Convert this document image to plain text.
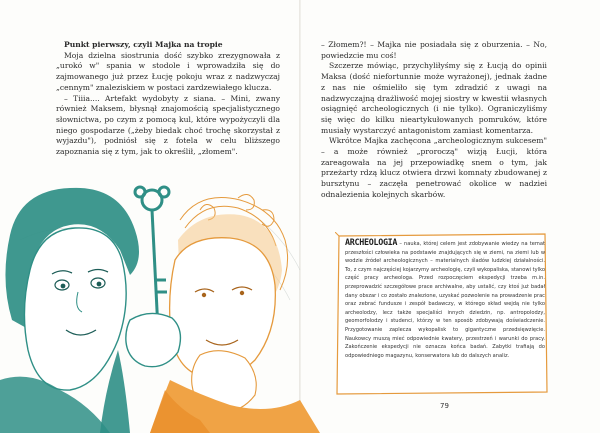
Punkt pierwszy, czyli Majka na tropie

Moja dzielna siostrunia dość szybko zrezygnowała z „urokó w" spania w stodole i wprowadziła się do zajmowanego już przez Łucję pokoju wraz z nadzwyczaj „cennym" znaleziskiem w postaci zardzewiałego klucza.

– Tiiia.... Artefakt wydobyty z siana. – Mini, zwany również Maksem, błysnął znajomością specjalistycznego słownictwa, po czym z pomocą kul, które wypożyczyli dla niego gospodarze („żeby biedak choć trochę skorzystał z wyjazdu"), podniósł się z fotela w celu bliższego zapoznania się z tym, jak to określił, „złomem".

– Złomem?! – Majka nie posiadała się z oburzenia. – No, powiedzcie mu coś!

Szczerze mówiąc, przychyliłyśmy się z Łucją do opinii Maksa (dość niefortunnie może wyrażonej), jednak żadne z nas nie ośmieliło się tym zdradzić z uwagi na nadzwyczajną drażliwość mojej siostry w kwestii własnych osiągnięć archeologicznych (i nie tylko). Ograniczyliśmy się więc do kilku nieartykułowanych pomruków, które musiały wystarczyć antagonistom zamiast komentarza.

Wkrótce Majka zachęcona „archeologicznym sukcesem" – a może również „proroczą" wizją Łucji, która zareagowała na jej przepowiadkę snem o tym, jak przeżarty rdzą klucz otwiera drzwi komnaty zbudowanej z bursztynu – zaczęła penetrować okolice w nadziei odnalezienia kolejnych skarbów.

ARCHEOLOGIA – nauka, której celem jest zdobywanie wiedzy na temat przeszłości człowieka na podstawie znajdujących się w ziemi, na ziemi lub w wodzie źródeł archeologicznych – materialnych śladów ludzkiej działalności. To, z czym najczęściej kojarzymy archeologię, czyli wykopaliska, stanowi tylko część pracy archeologa. Przed rozpoczęciem ekspedycji trzeba m.in. przeprowadzić szczegółowe prace archiwalne, aby ustalić, czy ktoś już badał dany obszar i co zostało znalezione, uzyskać pozwolenie na prowadzenie prac oraz zebrać fundusze i zespół badawczy, w którego skład wejdą nie tylko archeolodzy, lecz także specjaliści innych dziedzin, np. antropolodzy, geomorfolodzy i studenci, którzy w ten sposób zdobywają doświadczenie. Przygotowanie zaplecza wykopalisk to gigantyczne przedsięwzięcie. Naukowcy muszą mieć odpowiednie kwatery, przestrzeń i warunki do pracy. Zakończenie ekspedycji nie oznacza końca badań. Zabytki trafiają do odpowiedniego magazynu, konserwatora lub do dalszych analiz.
79
